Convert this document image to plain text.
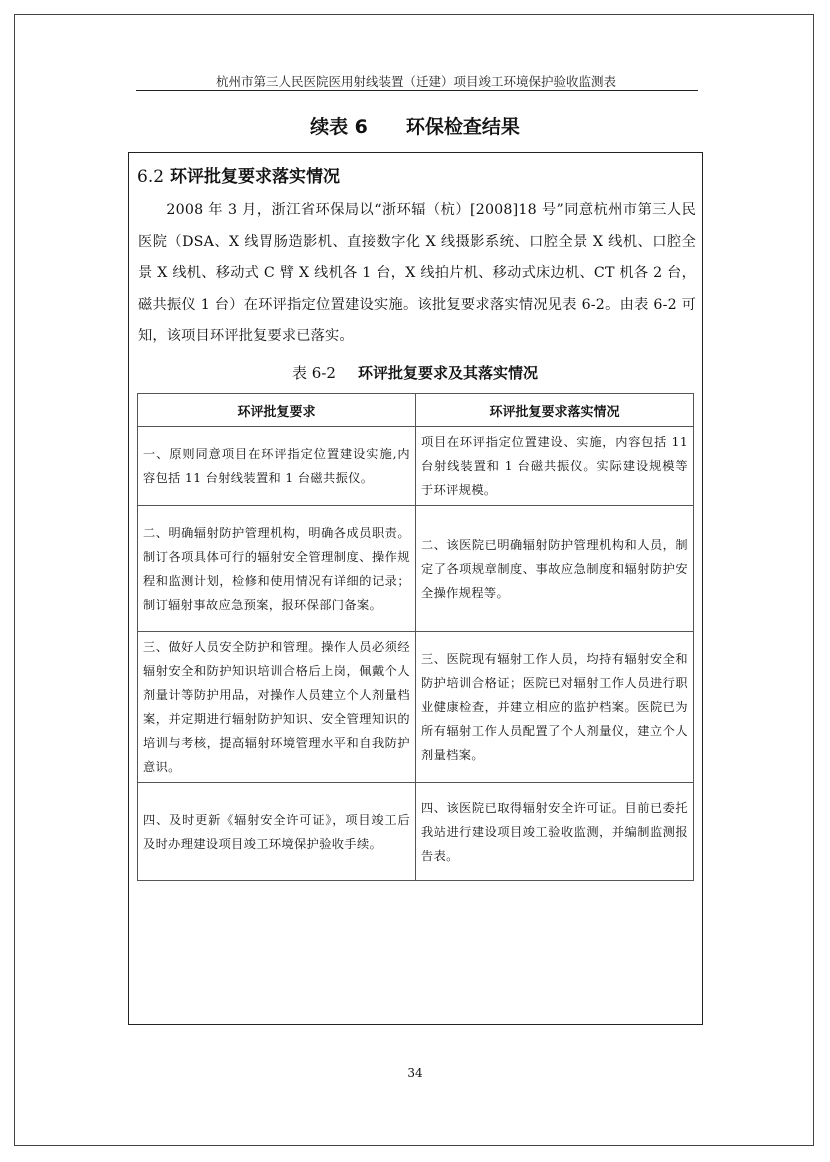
杭州市第三人民医院医用射线装置（迁建）项目竣工环境保护验收监测表
续表 6 环保检查结果
6.2 环评批复要求落实情况
2008 年 3 月，浙江省环保局以“浙环辐（杭）[2008]18 号”同意杭州市第三人民医院（DSA、X 线胃肠造影机、直接数字化 X 线摄影系统、口腔全景 X 线机、口腔全景 X 线机、移动式 C 臂 X 线机各 1 台，X 线拍片机、移动式床边机、CT 机各 2 台，磁共振仪 1 台）在环评指定位置建设实施。该批复要求落实情况见表 6-2。由表 6-2 可知，该项目环评批复要求已落实。
表 6-2 环评批复要求及其落实情况
环评批复要求	环评批复要求落实情况
一、原则同意项目在环评指定位置建设实施,内容包括 11 台射线装置和 1 台磁共振仪。	项目在环评指定位置建设、实施，内容包括 11 台射线装置和 1 台磁共振仪。实际建设规模等于环评规模。
二、明确辐射防护管理机构，明确各成员职责。制订各项具体可行的辐射安全管理制度、操作规程和监测计划，检修和使用情况有详细的记录；制订辐射事故应急预案，报环保部门备案。	二、该医院已明确辐射防护管理机构和人员，制定了各项规章制度、事故应急制度和辐射防护安全操作规程等。
三、做好人员安全防护和管理。操作人员必须经辐射安全和防护知识培训合格后上岗，佩戴个人剂量计等防护用品，对操作人员建立个人剂量档案，并定期进行辐射防护知识、安全管理知识的培训与考核，提高辐射环境管理水平和自我防护意识。	三、医院现有辐射工作人员，均持有辐射安全和防护培训合格证；医院已对辐射工作人员进行职业健康检查，并建立相应的监护档案。医院已为所有辐射工作人员配置了个人剂量仪，建立个人剂量档案。
四、及时更新《辐射安全许可证》，项目竣工后及时办理建设项目竣工环境保护验收手续。	四、该医院已取得辐射安全许可证。目前已委托我站进行建设项目竣工验收监测，并编制监测报告表。
34
